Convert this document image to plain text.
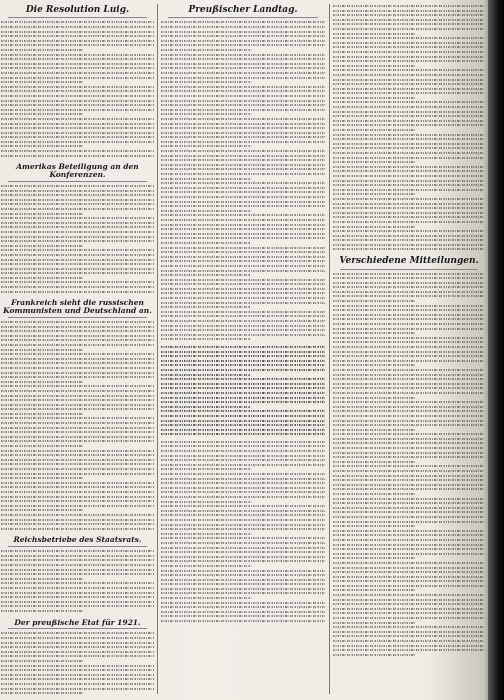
Die Resolution Luig.
Amerikas Beteiligung an den Konferenzen.
Frankreich sieht die russischen Kommunisten und Deutschland an.
Reichsbetriebe des Staatsrats.
Der preußische Etat für 1921.
Preußischer Landtag.
Verschiedene Mitteilungen.
